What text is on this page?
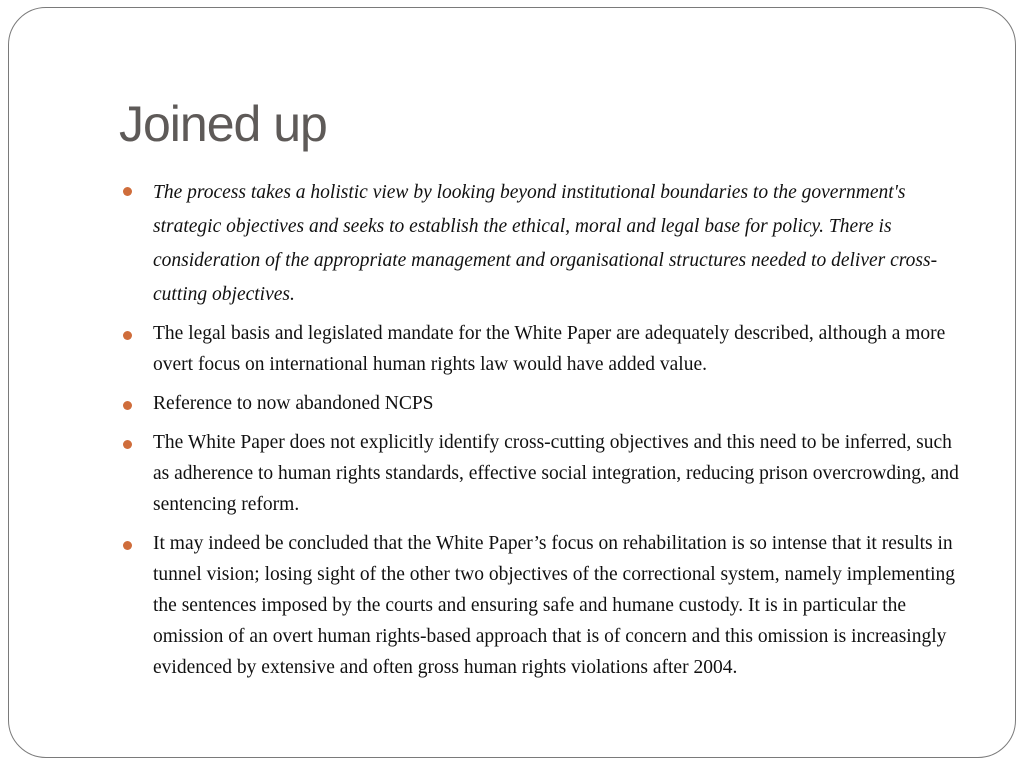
Joined up
The process takes a holistic view by looking beyond institutional boundaries to the government's strategic objectives and seeks to establish the ethical, moral and legal base for policy. There is consideration of the appropriate management and organisational structures needed to deliver cross-cutting objectives.
The legal basis and legislated mandate for the White Paper are adequately described, although a more overt focus on international human rights law would have added value.
Reference to now abandoned NCPS
The White Paper does not explicitly identify cross-cutting objectives and this need to be inferred, such as adherence to human rights standards, effective social integration, reducing prison overcrowding, and sentencing reform.
It may indeed be concluded that the White Paper’s focus on rehabilitation is so intense that it results in tunnel vision; losing sight of the other two objectives of the correctional system, namely implementing the sentences imposed by the courts and ensuring safe and humane custody. It is in particular the omission of an overt human rights-based approach that is of concern and this omission is increasingly evidenced by extensive and often gross human rights violations after 2004.
